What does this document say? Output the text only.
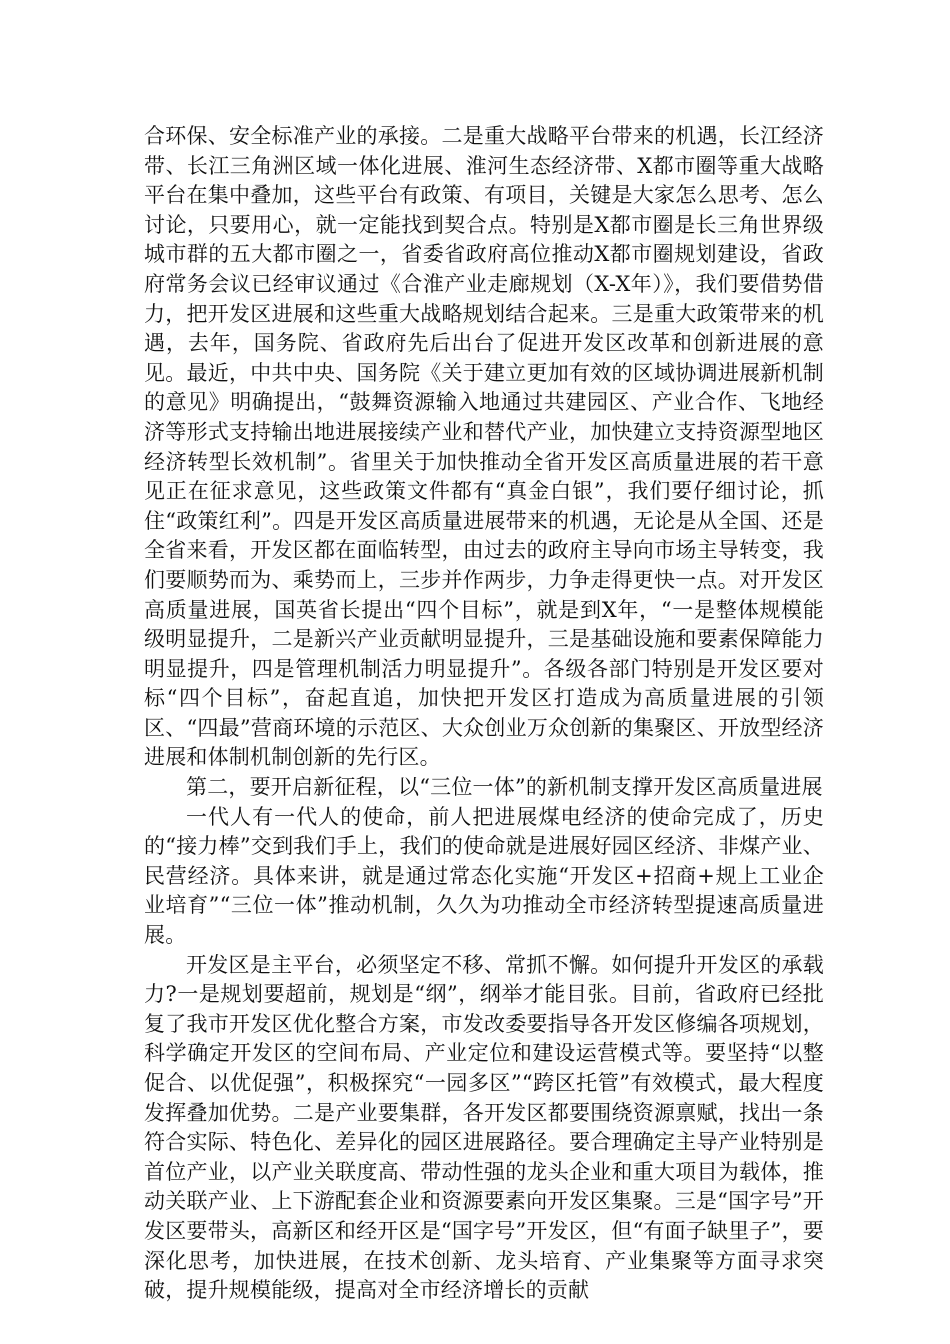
合环保、安全标准产业的承接。二是重大战略平台带来的机遇，长江经济带、长江三角洲区域一体化进展、淮河生态经济带、X都市圈等重大战略平台在集中叠加，这些平台有政策、有项目，关键是大家怎么思考、怎么讨论，只要用心，就一定能找到契合点。特别是X都市圈是长三角世界级城市群的五大都市圈之一，省委省政府高位推动X都市圈规划建设，省政府常务会议已经审议通过《合淮产业走廊规划（X-X年）》，我们要借势借力，把开发区进展和这些重大战略规划结合起来。三是重大政策带来的机遇，去年，国务院、省政府先后出台了促进开发区改革和创新进展的意见。最近，中共中央、国务院《关于建立更加有效的区域协调进展新机制的意见》明确提出，“鼓舞资源输入地通过共建园区、产业合作、飞地经济等形式支持输出地进展接续产业和替代产业，加快建立支持资源型地区经济转型长效机制”。省里关于加快推动全省开发区高质量进展的若干意见正在征求意见，这些政策文件都有“真金白银”，我们要仔细讨论，抓住“政策红利”。四是开发区高质量进展带来的机遇，无论是从全国、还是全省来看，开发区都在面临转型，由过去的政府主导向市场主导转变，我们要顺势而为、乘势而上，三步并作两步，力争走得更快一点。对开发区高质量进展，国英省长提出“四个目标”，就是到X年，“一是整体规模能级明显提升，二是新兴产业贡献明显提升，三是基础设施和要素保障能力明显提升，四是管理机制活力明显提升”。各级各部门特别是开发区要对标“四个目标”，奋起直追，加快把开发区打造成为高质量进展的引领区、“四最”营商环境的示范区、大众创业万众创新的集聚区、开放型经济进展和体制机制创新的先行区。

第二，要开启新征程，以“三位一体”的新机制支撑开发区高质量进展

一代人有一代人的使命，前人把进展煤电经济的使命完成了，历史的“接力棒”交到我们手上，我们的使命就是进展好园区经济、非煤产业、民营经济。具体来讲，就是通过常态化实施“开发区+招商+规上工业企业培育”“三位一体”推动机制，久久为功推动全市经济转型提速高质量进展。

开发区是主平台，必须坚定不移、常抓不懈。如何提升开发区的承载力?一是规划要超前，规划是“纲”，纲举才能目张。目前，省政府已经批复了我市开发区优化整合方案，市发改委要指导各开发区修编各项规划，科学确定开发区的空间布局、产业定位和建设运营模式等。要坚持“以整促合、以优促强”，积极探究“一园多区”“跨区托管”有效模式，最大程度发挥叠加优势。二是产业要集群，各开发区都要围绕资源禀赋，找出一条符合实际、特色化、差异化的园区进展路径。要合理确定主导产业特别是首位产业，以产业关联度高、带动性强的龙头企业和重大项目为载体，推动关联产业、上下游配套企业和资源要素向开发区集聚。三是“国字号”开发区要带头，高新区和经开区是“国字号”开发区，但“有面子缺里子”，要深化思考，加快进展，在技术创新、龙头培育、产业集聚等方面寻求突破，提升规模能级，提高对全市经济增长的贡献
